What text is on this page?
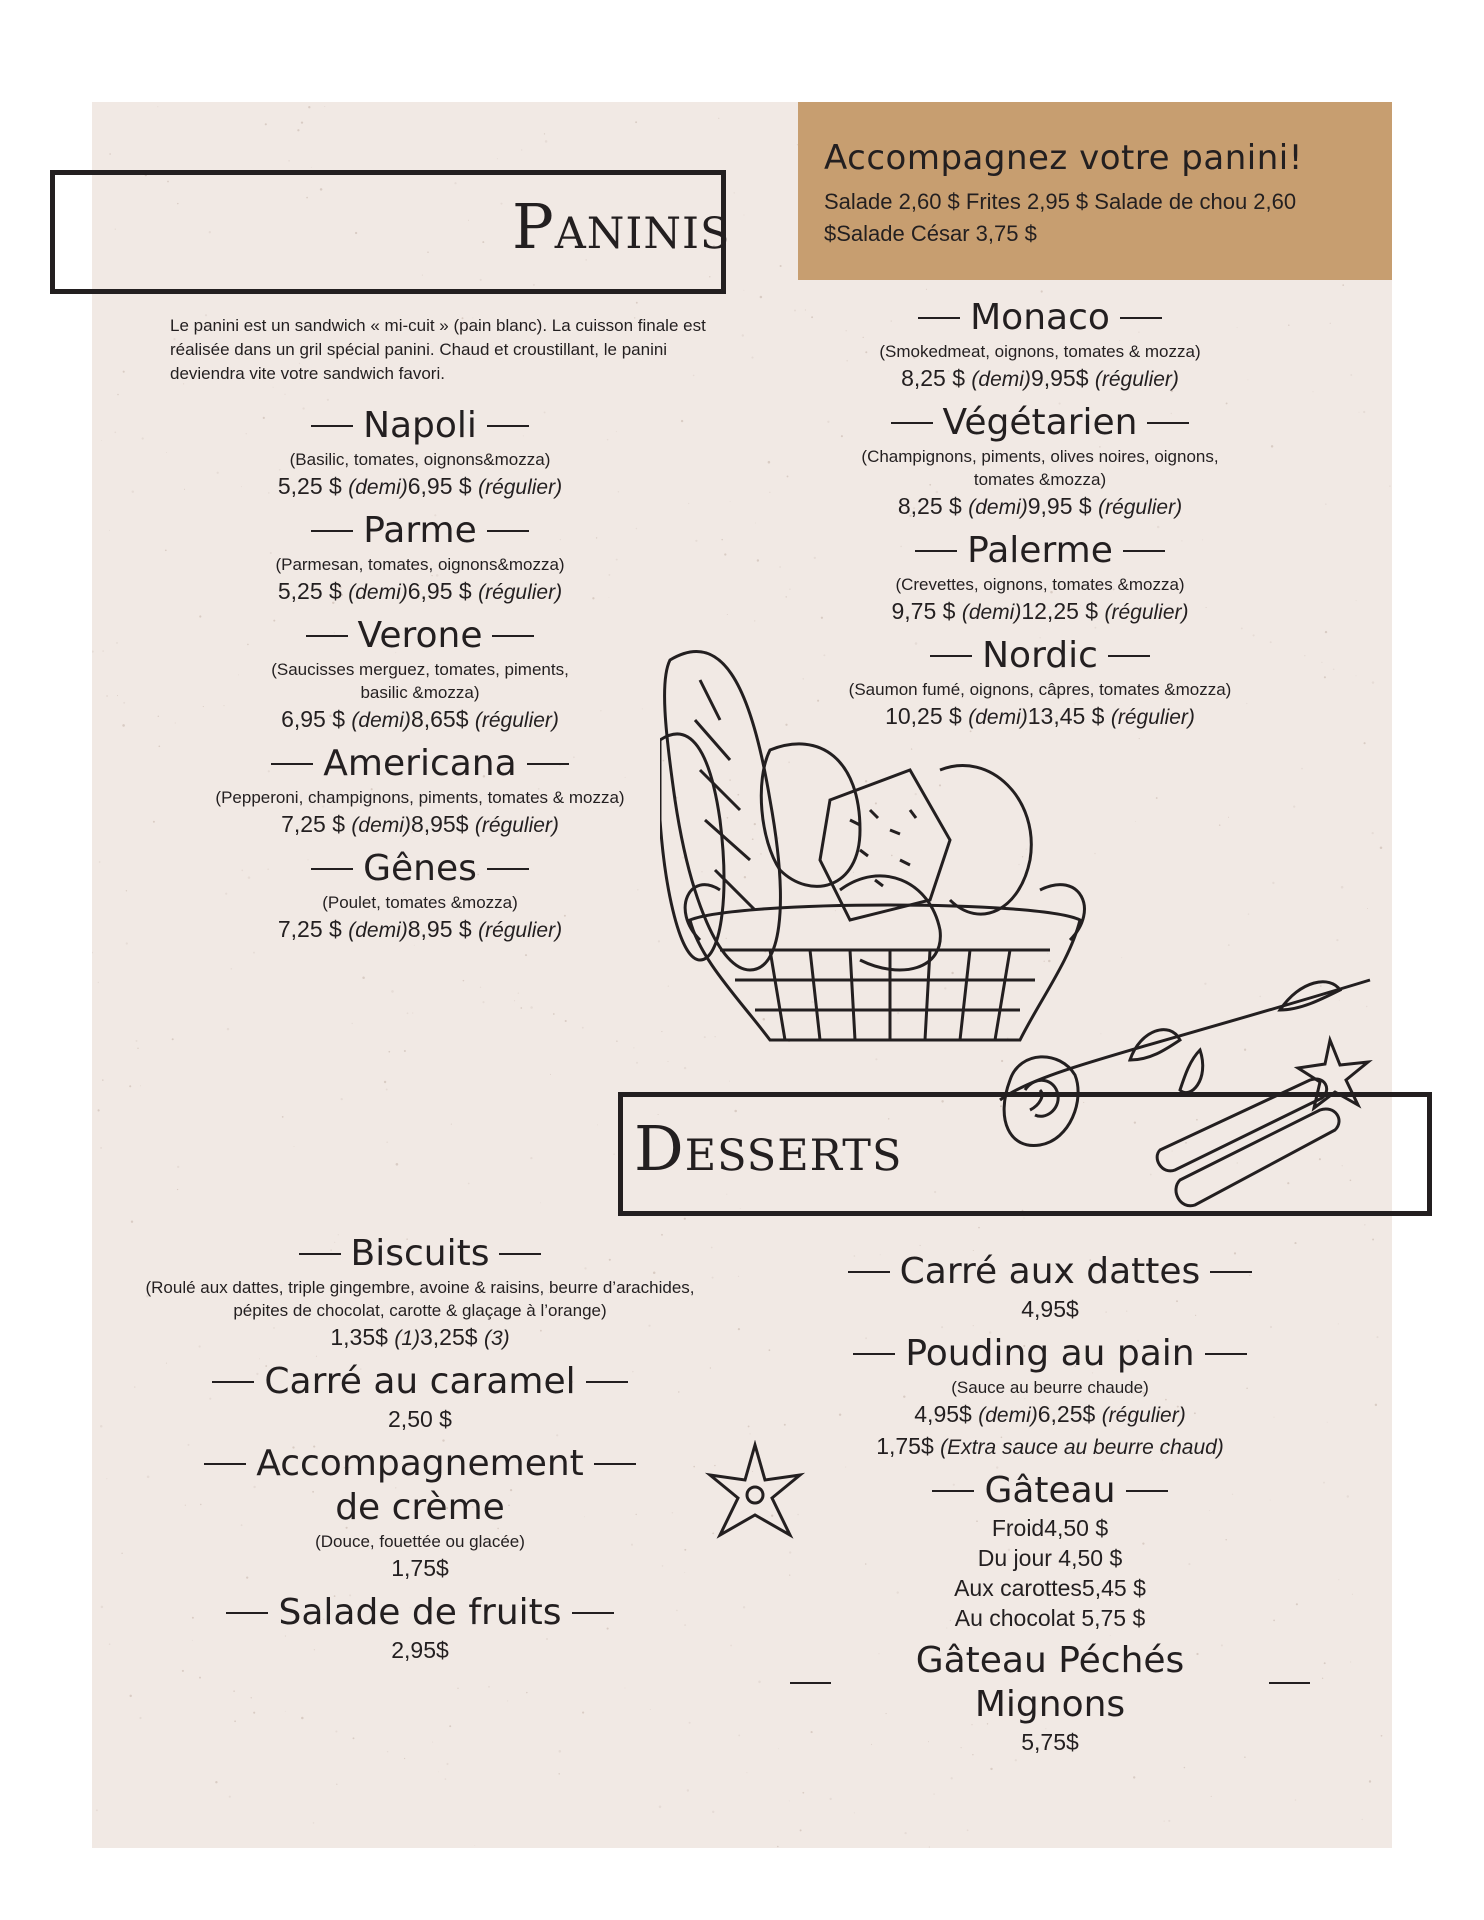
Accompagnez votre panini!
Salade 2,60 $ Frites 2,95 $ Salade de chou 2,60
$Salade César 3,75 $
Paninis
Le panini est un sandwich « mi-cuit » (pain blanc). La cuisson finale est réalisée dans un gril spécial panini. Chaud et croustillant, le panini deviendra vite votre sandwich favori.
Napoli
(Basilic, tomates, oignons&mozza)
5,25 $ (demi)6,95 $ (régulier)
Parme
(Parmesan, tomates, oignons&mozza)
5,25 $ (demi)6,95 $ (régulier)
Verone
(Saucisses merguez, tomates, piments, basilic &mozza)
6,95 $ (demi)8,65$ (régulier)
Americana
(Pepperoni, champignons, piments, tomates & mozza)
7,25 $ (demi)8,95$ (régulier)
Gênes
(Poulet, tomates &mozza)
7,25 $ (demi)8,95 $ (régulier)
Monaco
(Smokedmeat, oignons, tomates & mozza)
8,25 $ (demi)9,95$ (régulier)
Végétarien
(Champignons, piments, olives noires, oignons, tomates &mozza)
8,25 $ (demi)9,95 $ (régulier)
Palerme
(Crevettes, oignons, tomates &mozza)
9,75 $ (demi)12,25 $ (régulier)
Nordic
(Saumon fumé, oignons, câpres, tomates &mozza)
10,25 $ (demi)13,45 $ (régulier)
Desserts
Biscuits
(Roulé aux dattes, triple gingembre, avoine & raisins, beurre d’arachides, pépites de chocolat, carotte & glaçage à l’orange)
1,35$ (1)3,25$ (3)
Carré au caramel
2,50 $
Accompagnement
de crème
(Douce, fouettée ou glacée)
1,75$
Salade de fruits
2,95$
Carré aux dattes
4,95$
Pouding au pain
(Sauce au beurre chaude)
4,95$ (demi)6,25$ (régulier)
1,75$ (Extra sauce au beurre chaud)
Gâteau
Froid4,50 $
Du jour 4,50 $
Aux carottes5,45 $
Au chocolat 5,75 $
Gâteau Péchés Mignons
5,75$
